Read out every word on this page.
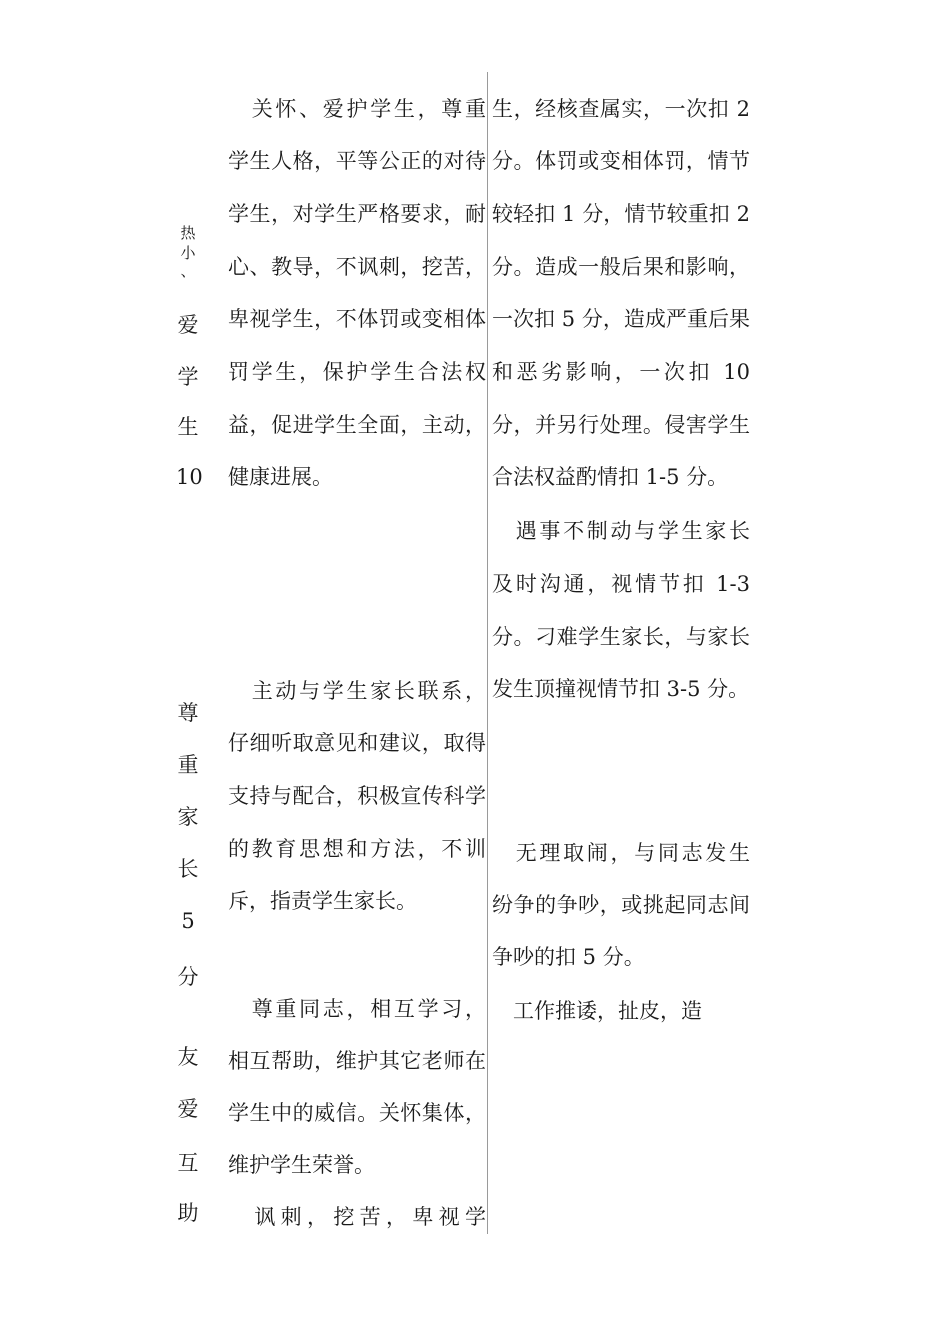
热
小
、
爱
学
生
10
尊
重
家
长
5
分
友
爱
互
助
　关怀、爱护学生，尊重
学生人格，平等公正的对待
学生，对学生严格要求，耐
心、教导，不讽刺，挖苦，
卑视学生，不体罚或变相体
罚学生，保护学生合法权
益，促进学生全面，主动，
健康进展。
　主动与学生家长联系，
仔细听取意见和建议，取得
支持与配合，积极宣传科学
的教育思想和方法，不训
斥，指责学生家长。
　尊重同志，相互学习，
相互帮助，维护其它老师在
学生中的威信。关怀集体，
维护学生荣誉。
　讽刺，挖苦，卑视学
生，经核查属实，一次扣 2
分。体罚或变相体罚，情节
较轻扣 1 分，情节较重扣 2
分。造成一般后果和影响，
一次扣 5 分，造成严重后果
和恶劣影响，一次扣 10
分，并另行处理。侵害学生
合法权益酌情扣 1-5 分。
　遇事不制动与学生家长
及时沟通，视情节扣 1-3
分。刁难学生家长，与家长
发生顶撞视情节扣 3-5 分。
　无理取闹，与同志发生
纷争的争吵，或挑起同志间
争吵的扣 5 分。
　工作推诿，扯皮，造
